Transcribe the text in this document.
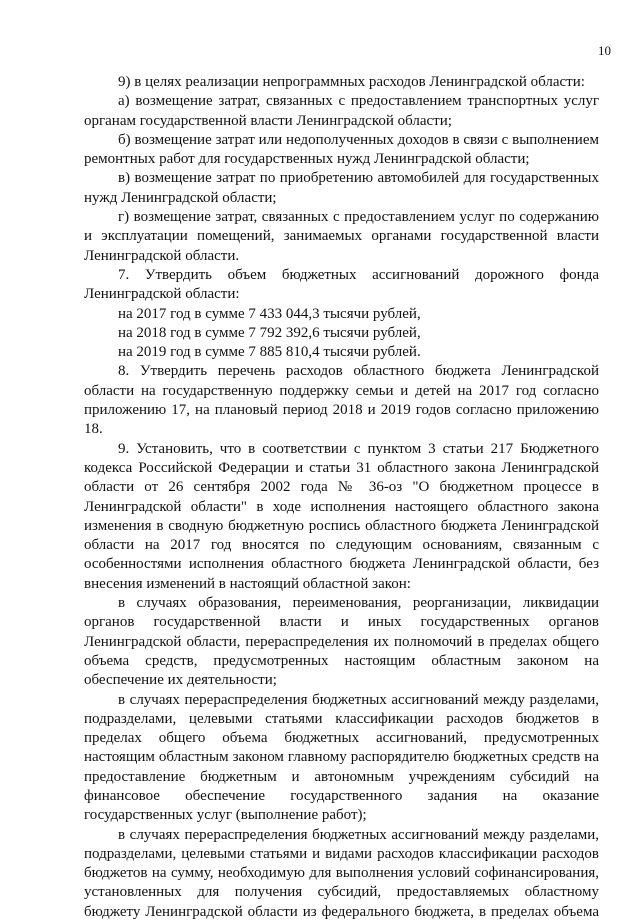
10

9) в целях реализации непрограммных расходов Ленинградской области:

а) возмещение затрат, связанных с предоставлением транспортных услуг органам государственной власти Ленинградской области;

б) возмещение затрат или недополученных доходов в связи с выполнением ремонтных работ для государственных нужд Ленинградской области;

в) возмещение затрат по приобретению автомобилей для государственных нужд Ленинградской области;

г) возмещение затрат, связанных с предоставлением услуг по содержанию и эксплуатации помещений, занимаемых органами государственной власти Ленинградской области.

7. Утвердить объем бюджетных ассигнований дорожного фонда Ленинградской области:

на 2017 год в сумме 7 433 044,3 тысячи рублей,

на 2018 год в сумме 7 792 392,6 тысячи рублей,

на 2019 год в сумме 7 885 810,4 тысячи рублей.

8. Утвердить перечень расходов областного бюджета Ленинградской области на государственную поддержку семьи и детей на 2017 год согласно приложению 17, на плановый период 2018 и 2019 годов согласно приложению 18.

9. Установить, что в соответствии с пунктом 3 статьи 217 Бюджетного кодекса Российской Федерации и статьи 31 областного закона Ленинградской области от 26 сентября 2002 года № 36-оз "О бюджетном процессе в Ленинградской области" в ходе исполнения настоящего областного закона изменения в сводную бюджетную роспись областного бюджета Ленинградской области на 2017 год вносятся по следующим основаниям, связанным с особенностями исполнения областного бюджета Ленинградской области, без внесения изменений в настоящий областной закон:

в случаях образования, переименования, реорганизации, ликвидации органов государственной власти и иных государственных органов Ленинградской области, перераспределения их полномочий в пределах общего объема средств, предусмотренных настоящим областным законом на обеспечение их деятельности;

в случаях перераспределения бюджетных ассигнований между разделами, подразделами, целевыми статьями классификации расходов бюджетов в пределах общего объема бюджетных ассигнований, предусмотренных настоящим областным законом главному распорядителю бюджетных средств на предоставление бюджетным и автономным учреждениям субсидий на финансовое обеспечение государственного задания на оказание государственных услуг (выполнение работ);

в случаях перераспределения бюджетных ассигнований между разделами, подразделами, целевыми статьями и видами расходов классификации расходов бюджетов на сумму, необходимую для выполнения условий софинансирования, установленных для получения субсидий, предоставляемых областному бюджету Ленинградской области из федерального бюджета, в пределах объема
